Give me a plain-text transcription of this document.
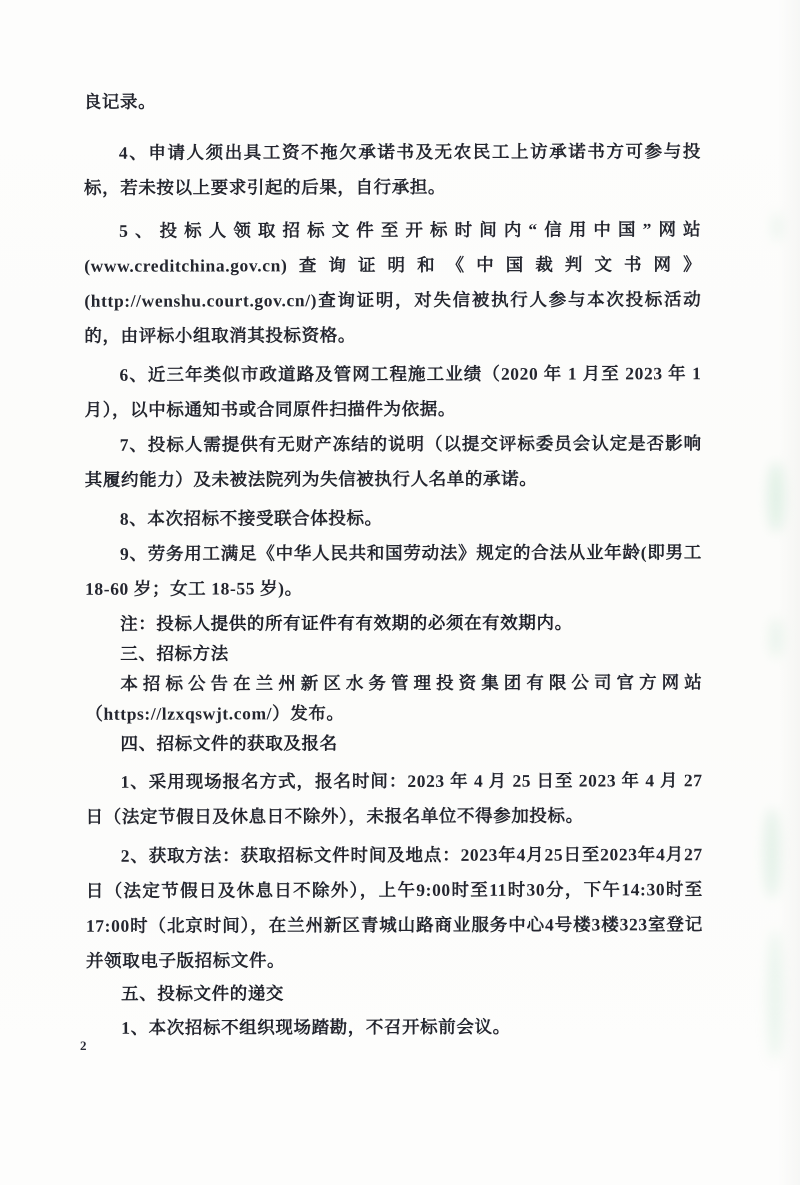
良记录。

4、申请人须出具工资不拖欠承诺书及无农民工上访承诺书方可参与投标，若未按以上要求引起的后果，自行承担。

5、投标人领取招标文件至开标时间内“信用中国”网站(www.creditchina.gov.cn)查询证明和《中国裁判文书网》(http://wenshu.court.gov.cn/)查询证明，对失信被执行人参与本次投标活动的，由评标小组取消其投标资格。

6、近三年类似市政道路及管网工程施工业绩（2020 年 1 月至 2023 年 1 月），以中标通知书或合同原件扫描件为依据。

7、投标人需提供有无财产冻结的说明（以提交评标委员会认定是否影响其履约能力）及未被法院列为失信被执行人名单的承诺。

8、本次招标不接受联合体投标。

9、劳务用工满足《中华人民共和国劳动法》规定的合法从业年龄(即男工 18-60 岁；女工 18-55 岁)。

注：投标人提供的所有证件有有效期的必须在有效期内。

三、招标方法

本招标公告在兰州新区水务管理投资集团有限公司官方网站（https://lzxqswjt.com/）发布。

四、招标文件的获取及报名

1、采用现场报名方式，报名时间：2023 年 4 月 25 日至 2023 年 4 月 27 日（法定节假日及休息日不除外），未报名单位不得参加投标。

2、获取方法：获取招标文件时间及地点：2023年4月25日至2023年4月27日（法定节假日及休息日不除外），上午9:00时至11时30分，下午14:30时至17:00时（北京时间），在兰州新区青城山路商业服务中心4号楼3楼323室登记并领取电子版招标文件。

五、投标文件的递交

1、本次招标不组织现场踏勘，不召开标前会议。

2
